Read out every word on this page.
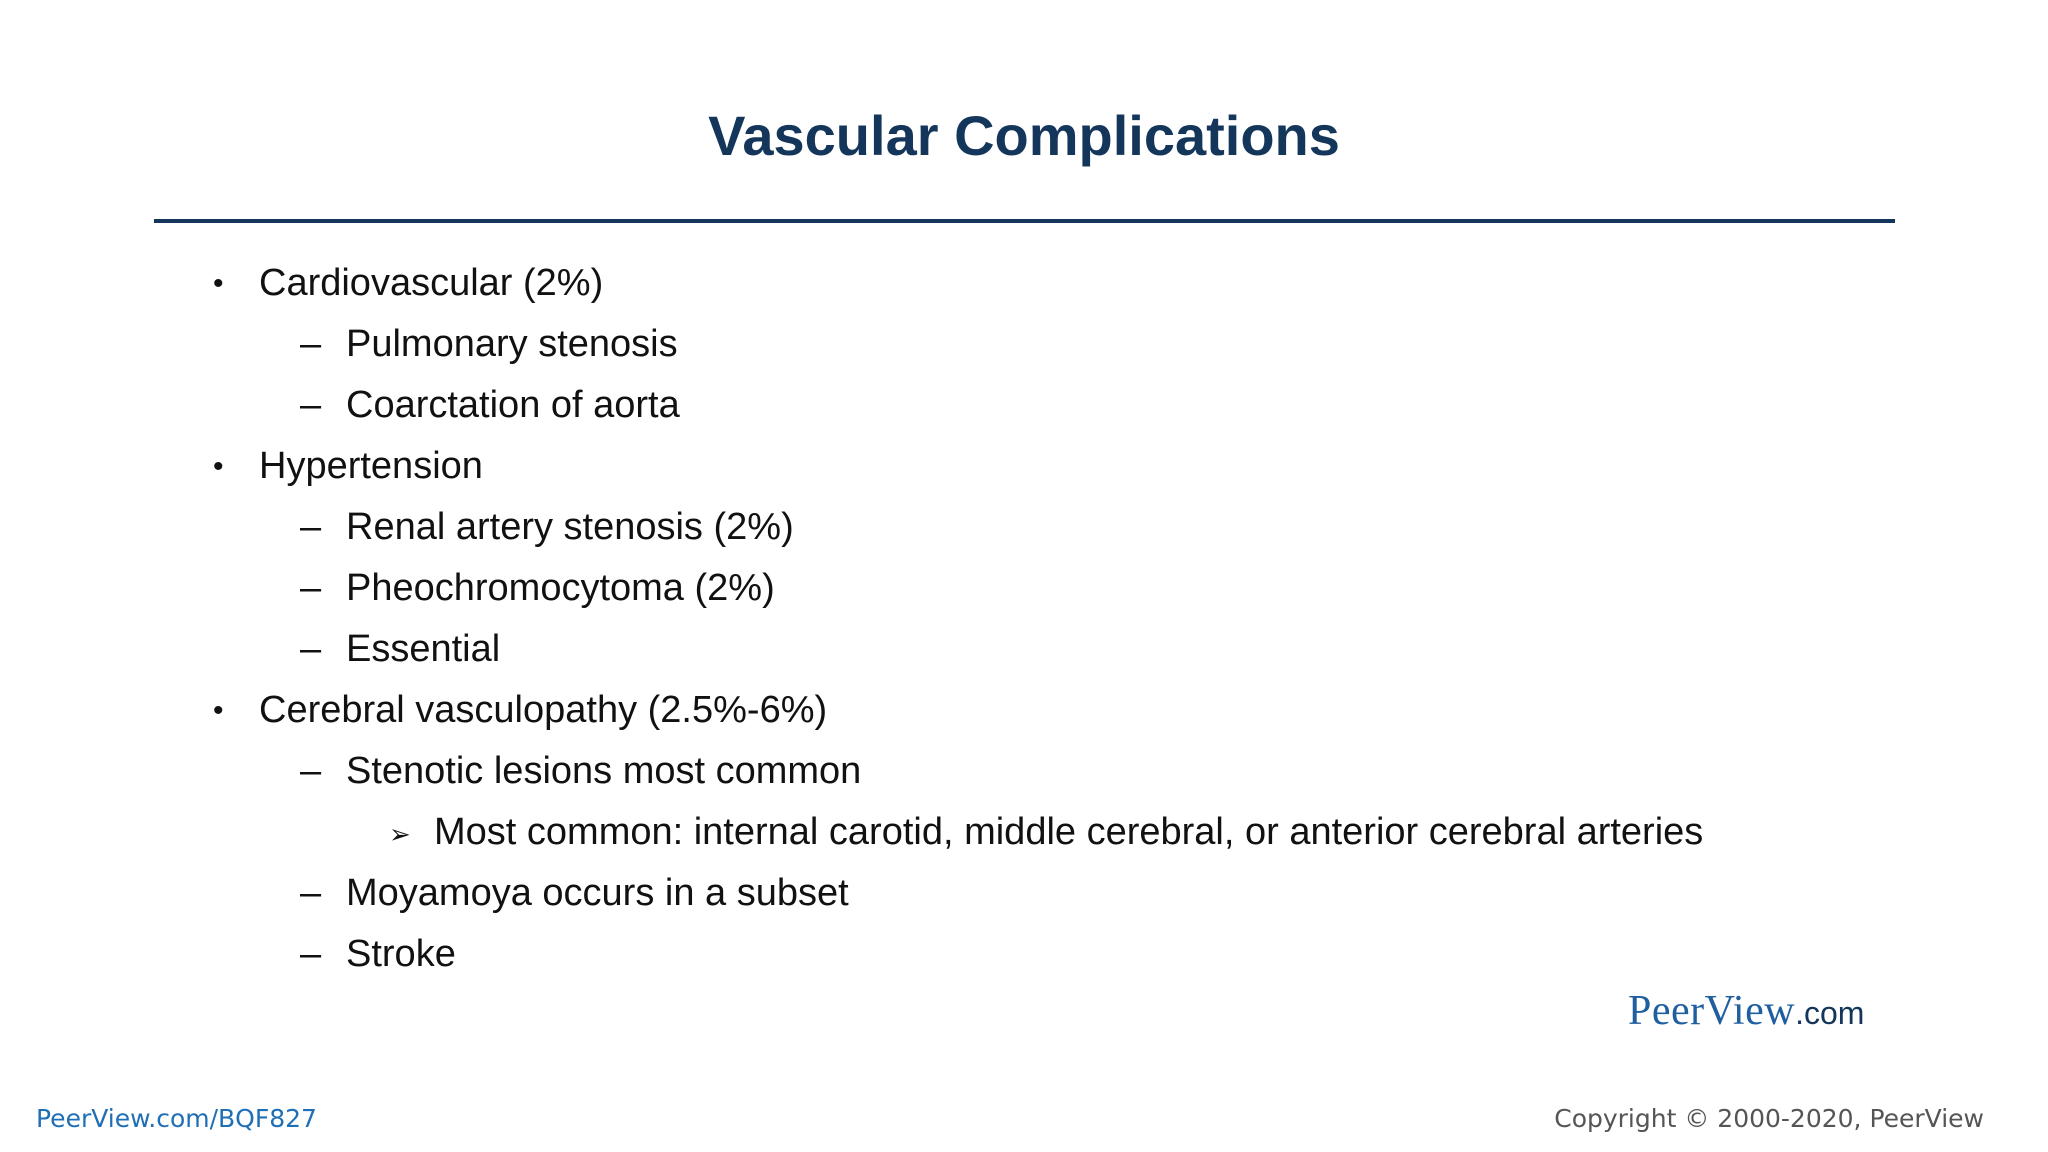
Vascular Complications
• Cardiovascular (2%)
– Pulmonary stenosis
– Coarctation of aorta
• Hypertension
– Renal artery stenosis (2%)
– Pheochromocytoma (2%)
– Essential
• Cerebral vasculopathy (2.5%-6%)
– Stenotic lesions most common
➢ Most common: internal carotid, middle cerebral, or anterior cerebral arteries
– Moyamoya occurs in a subset
– Stroke
PeerView.com
PeerView.com/BQF827	Copyright © 2000-2020, PeerView
